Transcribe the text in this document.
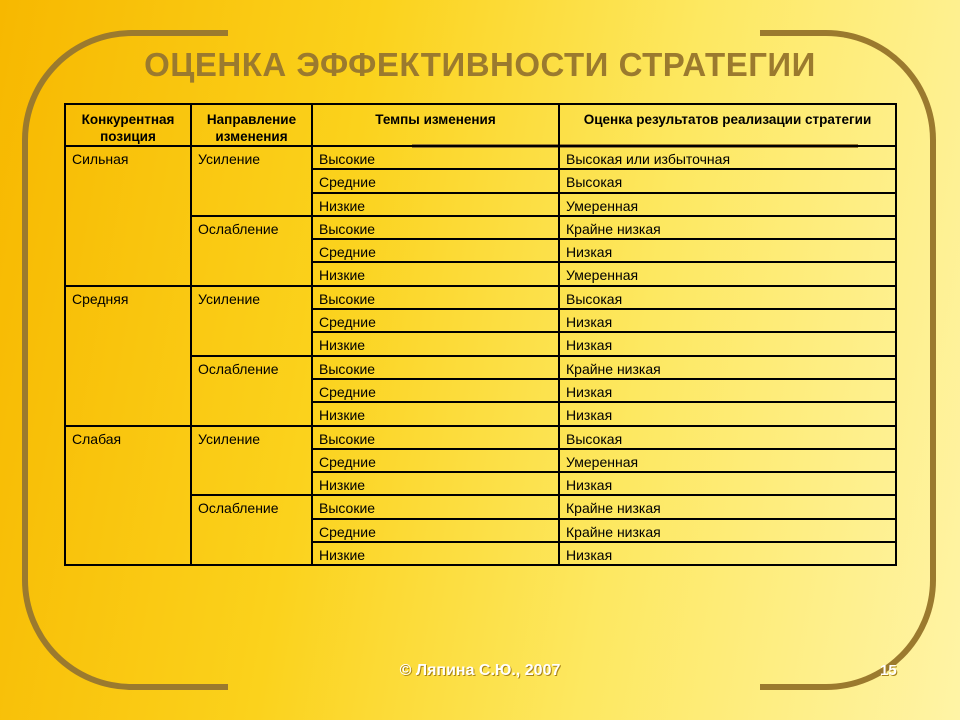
ОЦЕНКА ЭФФЕКТИВНОСТИ СТРАТЕГИИ
Конкурентная позиция	Направление изменения	Темпы изменения	Оценка результатов реализации стратегии
Сильная	Усиление	Высокие	Высокая или избыточная
		Средние	Высокая
		Низкие	Умеренная
	Ослабление	Высокие	Крайне низкая
		Средние	Низкая
		Низкие	Умеренная
Средняя	Усиление	Высокие	Высокая
		Средние	Низкая
		Низкие	Низкая
	Ослабление	Высокие	Крайне низкая
		Средние	Низкая
		Низкие	Низкая
Слабая	Усиление	Высокие	Высокая
		Средние	Умеренная
		Низкие	Низкая
	Ослабление	Высокие	Крайне низкая
		Средние	Крайне низкая
		Низкие	Низкая
© Ляпина С.Ю., 2007	15
